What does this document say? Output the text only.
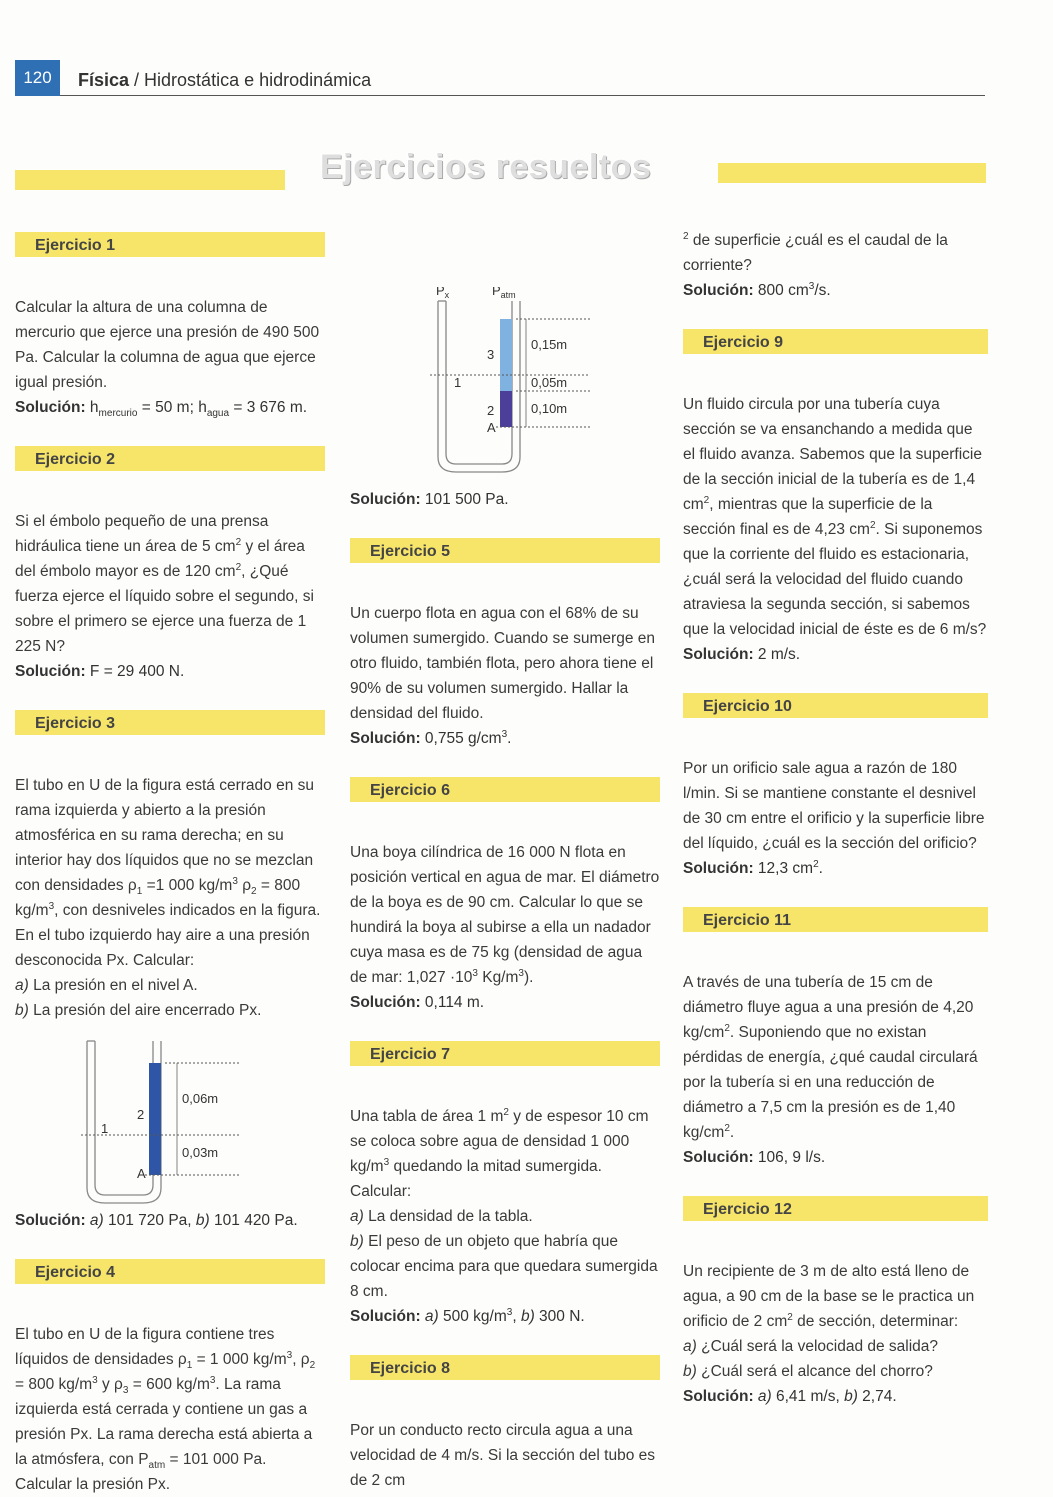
120	Física / Hidrostática e hidrodinámica
Ejercicios resueltos
Ejercicio 1

Calcular la altura de una columna de mercurio que ejerce una presión de 490 500 Pa. Calcular la columna de agua que ejerce igual presión.

Solución: $h_{mercurio} = 50$ m; $h_{agua} = 3$ 676 m.

Ejercicio 2

Si el émbolo pequeño de una prensa hidráulica tiene un área de 5 $cm^2$ y el área del émbolo mayor es de 120 $cm^2$, ¿Qué fuerza ejerce el líquido sobre el segundo, si sobre el primero se ejerce una fuerza de 1 225 N?

Solución: F = 29 400 N.

Ejercicio 3

El tubo en U de la figura está cerrado en su rama izquierda y abierto a la presión atmosférica en su rama derecha; en su interior hay dos líquidos que no se mezclan con densidades $\rho_1 =1$ 000 $kg/m^3$ $\rho_2 = 800$ $kg/m^3$, con desniveles indicados en la figura. En el tubo izquierdo hay aire a una presión desconocida Px. Calcular:

a) La presión en el nivel A.

b) La presión del aire encerrado Px.

1
2
A
0,06m
0,03m

Solución: a) 101 720 Pa, b) 101 420 Pa.

Ejercicio 4

El tubo en U de la figura contiene tres líquidos de densidades $\rho_1 = 1$ 000 $kg/m^3$, $\rho_2 = 800$ $kg/m^3$ y $\rho_3 = 600$ $kg/m^3$. La rama izquierda está cerrada y contiene un gas a presión Px. La rama derecha está abierta a la atmósfera, con $P_{atm} = 101$ 000 Pa. Calcular la presión Px.

$P_x$	$P_{atm}$
1
3
2
A
0,15m
0,05m
0,10m

Solución: 101 500 Pa.

Ejercicio 5

Un cuerpo flota en agua con el 68% de su volumen sumergido. Cuando se sumerge en otro fluido, también flota, pero ahora tiene el 90% de su volumen sumergido. Hallar la densidad del fluido.

Solución: 0,755 $g/cm^3$.

Ejercicio 6

Una boya cilíndrica de 16 000 N flota en posición vertical en agua de mar. El diámetro de la boya es de 90 cm. Calcular lo que se hundirá la boya al subirse a ella un nadador cuya masa es de 75 kg (densidad de agua de mar: $1,027 \cdot 10^3$ $Kg/m^3$).

Solución: 0,114 m.

Ejercicio 7

Una tabla de área 1 $m^2$ y de espesor 10 cm se coloca sobre agua de densidad 1 000 $kg/m^3$ quedando la mitad sumergida. Calcular:

a) La densidad de la tabla.

b) El peso de un objeto que habría que colocar encima para que quedara sumergida 8 cm.

Solución: a) 500 $kg/m^3$, b) 300 N.

Ejercicio 8

Por un conducto recto circula agua a una velocidad de 4 m/s. Si la sección del tubo es de 2 cm

$^2$ de superficie ¿cuál es el caudal de la corriente?

Solución: 800 $cm^3/s$.

Ejercicio 9

Un fluido circula por una tubería cuya sección se va ensanchando a medida que el fluido avanza. Sabemos que la superficie de la sección inicial de la tubería es de 1,4 $cm^2$, mientras que la superficie de la sección final es de 4,23 $cm^2$. Si suponemos que la corriente del fluido es estacionaria, ¿cuál será la velocidad del fluido cuando atraviesa la segunda sección, si sabemos que la velocidad inicial de éste es de 6 m/s?

Solución: 2 m/s.

Ejercicio 10

Por un orificio sale agua a razón de 180 l/min. Si se mantiene constante el desnivel de 30 cm entre el orificio y la superficie libre del líquido, ¿cuál es la sección del orificio?

Solución: 12,3 $cm^2$.

Ejercicio 11

A través de una tubería de 15 cm de diámetro fluye agua a una presión de 4,20 $kg/cm^2$. Suponiendo que no existan pérdidas de energía, ¿qué caudal circulará por la tubería si en una reducción de diámetro a 7,5 cm la presión es de 1,40 $kg/cm^2$.

Solución: 106, 9 l/s.

Ejercicio 12

Un recipiente de 3 m de alto está lleno de agua, a 90 cm de la base se le practica un orificio de 2 $cm^2$ de sección, determinar:

a) ¿Cuál será la velocidad de salida?

b) ¿Cuál será el alcance del chorro?

Solución: a) 6,41 m/s, b) 2,74.
